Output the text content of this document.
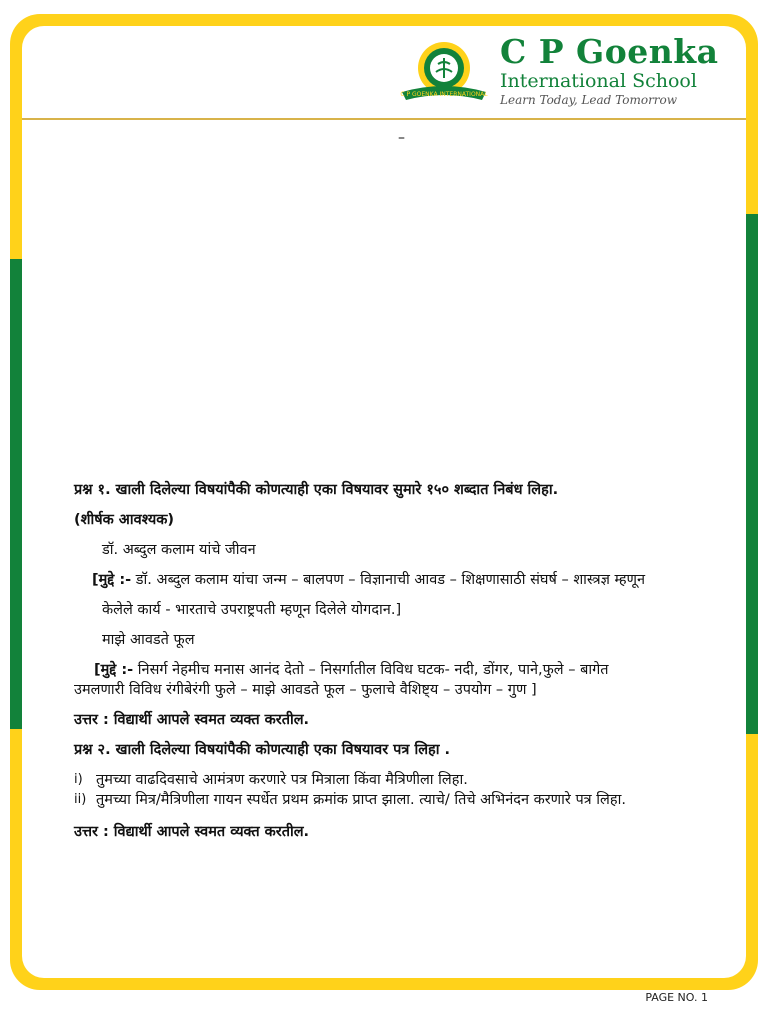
C P GOENKA INTERNATIONAL
C P Goenka
International School
Learn Today, Lead Tomorrow
–
प्रश्न १. खाली दिलेल्या विषयांपैकी कोणत्याही एका विषयावर सुमारे १५० शब्दात निबंध लिहा.
(शीर्षक आवश्यक)
डॉ. अब्दुल कलाम यांचे जीवन
[मुद्दे :- डॉ. अब्दुल कलाम यांचा जन्म – बालपण – विज्ञानाची आवड – शिक्षणासाठी संघर्ष – शास्त्रज्ञ म्हणून
केलेले कार्य - भारताचे उपराष्ट्रपती म्हणून दिलेले योगदान.]
माझे आवडते फूल
[मुद्दे :- निसर्ग नेहमीच मनास आनंद देतो – निसर्गातील विविध घटक- नदी, डोंगर, पाने,फुले – बागेत
उमलणारी विविध रंगीबेरंगी फुले – माझे आवडते फूल – फुलाचे वैशिष्ट्य – उपयोग – गुण ]
उत्तर : विद्यार्थी आपले स्वमत व्यक्त करतील.
प्रश्न २. खाली दिलेल्या विषयांपैकी कोणत्याही एका विषयावर पत्र लिहा .
i) तुमच्या वाढदिवसाचे आमंत्रण करणारे पत्र मित्राला किंवा मैत्रिणीला लिहा.
ii) तुमच्या मित्र/मैत्रिणीला गायन स्पर्धेत प्रथम क्रमांक प्राप्त झाला. त्याचे/ तिचे अभिनंदन करणारे पत्र लिहा.
उत्तर : विद्यार्थी आपले स्वमत व्यक्त करतील.
PAGE NO. 1
